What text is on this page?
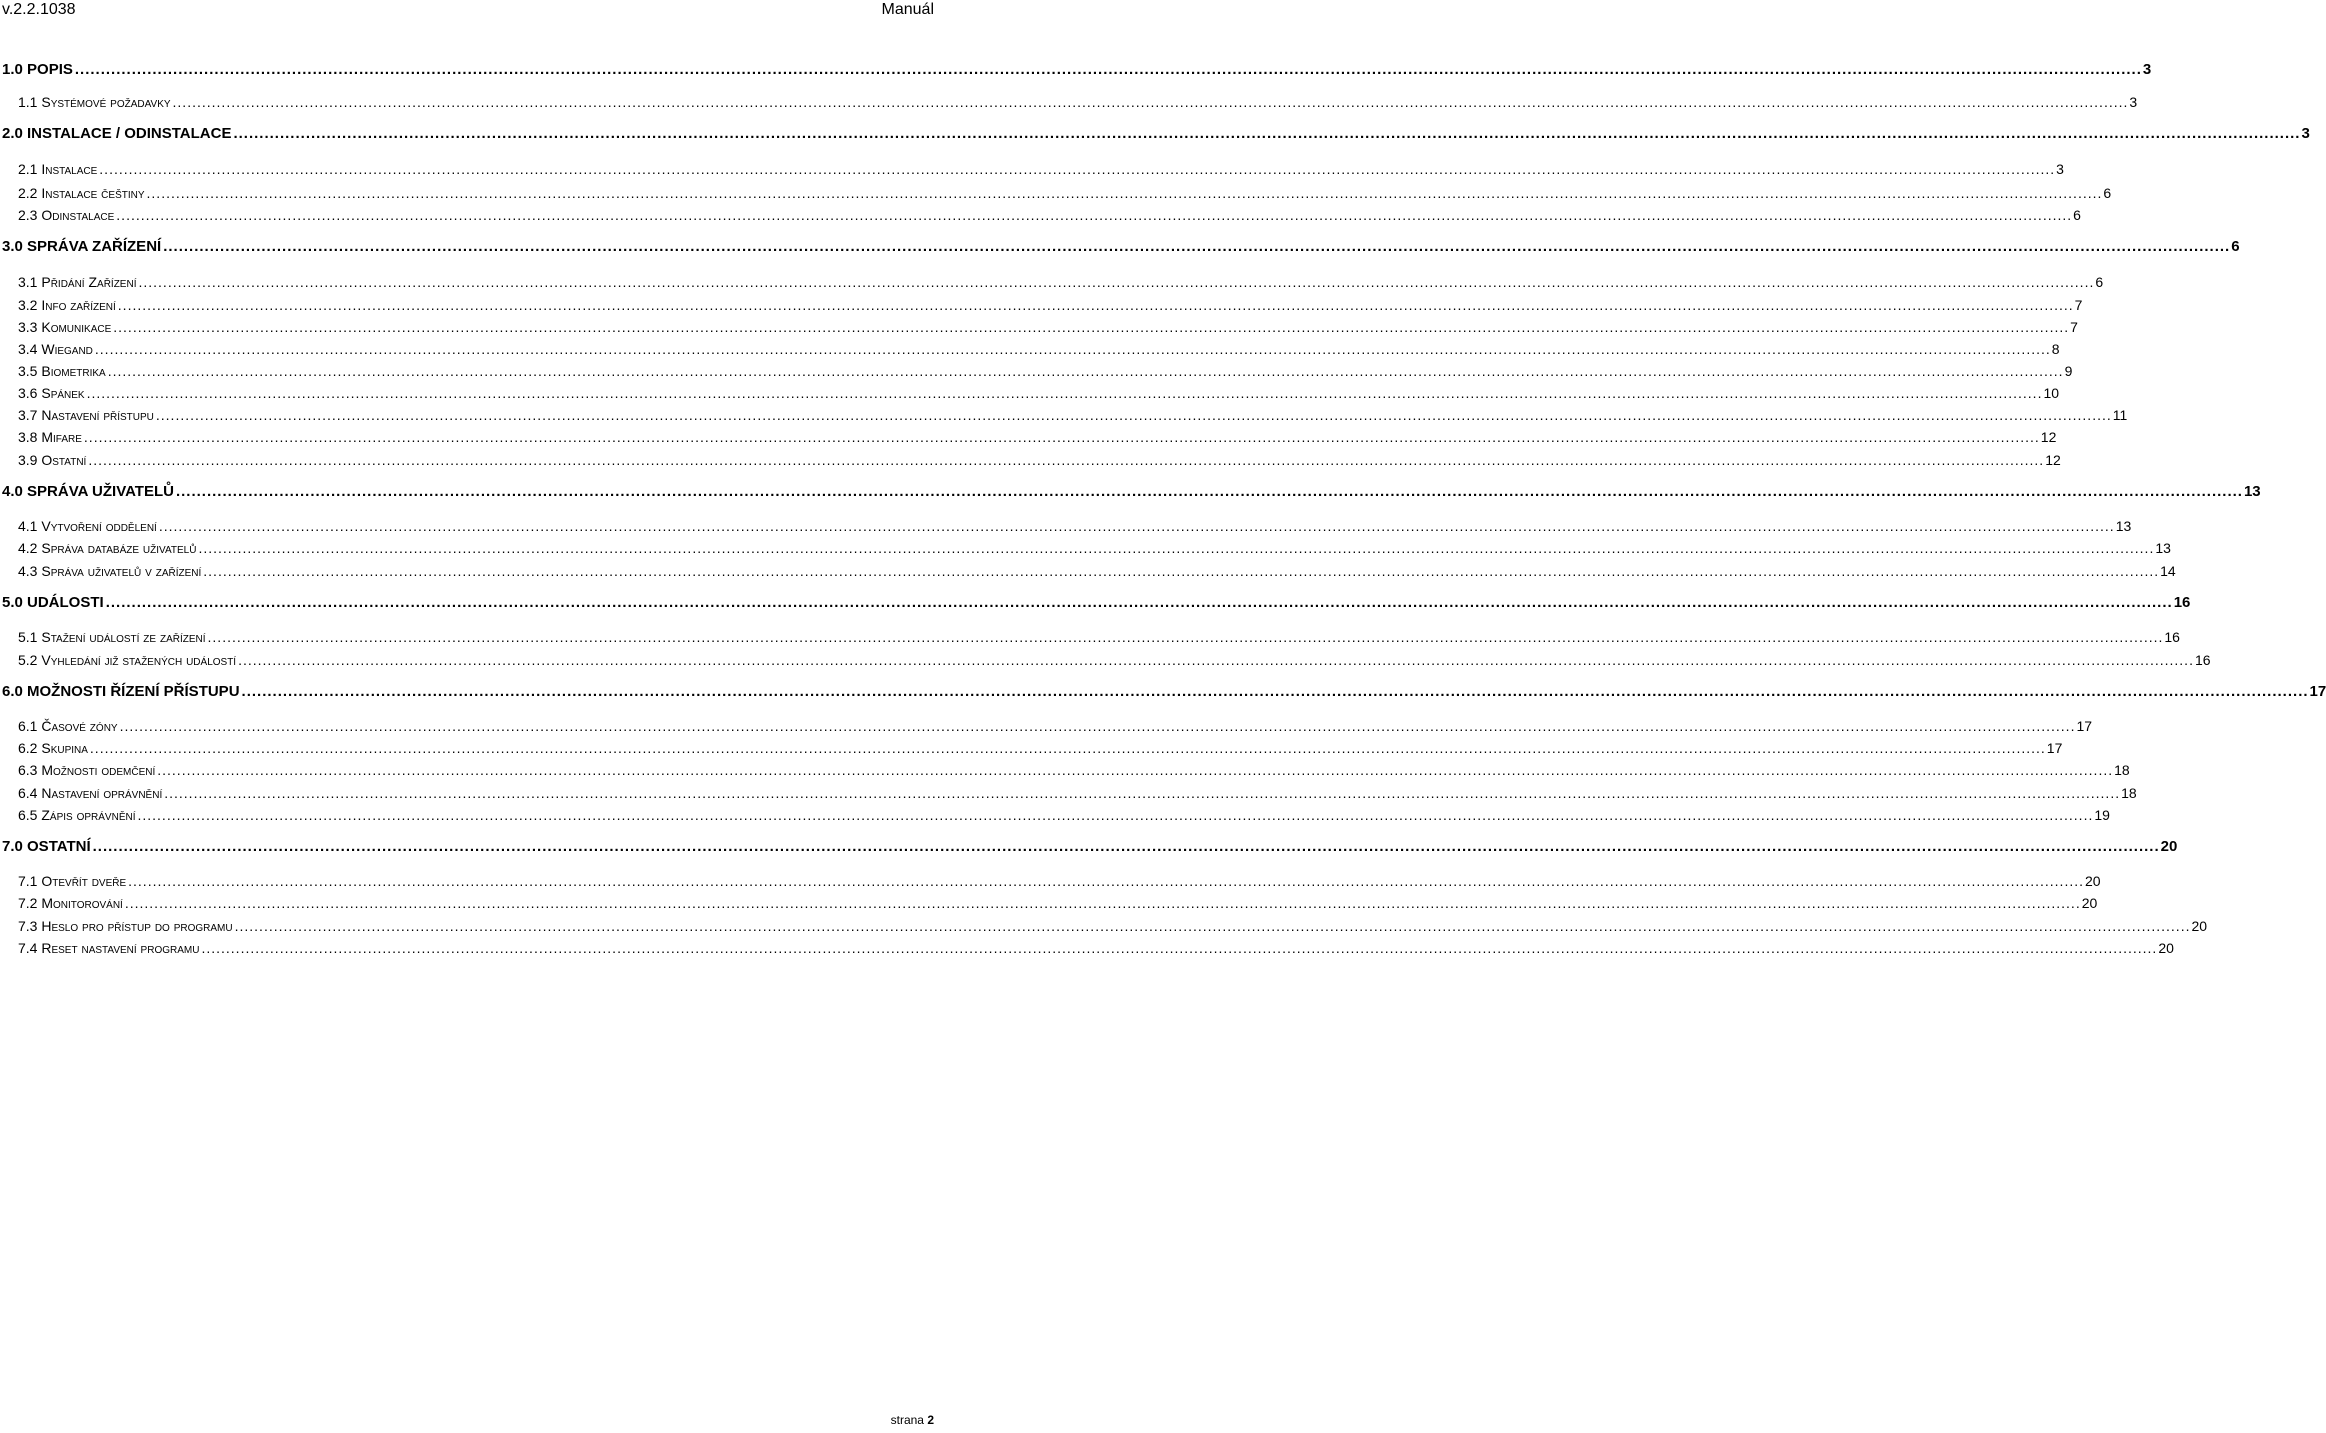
v.2.2.1038	Manuál
1.0 POPIS ................................................................................................................................................................................................................................................................................................................................................................................................................ 3
1.1 Systémové požadavky ................................................................................................................................................................................................................................................................................................................................................................................................................ 3
2.0 INSTALACE / ODINSTALACE ................................................................................................................................................................................................................................................................................................................................................................................................................ 3
2.1 Instalace ................................................................................................................................................................................................................................................................................................................................................................................................................ 3
2.2 Instalace češtiny ................................................................................................................................................................................................................................................................................................................................................................................................................ 6
2.3 Odinstalace ................................................................................................................................................................................................................................................................................................................................................................................................................ 6
3.0 SPRÁVA ZAŘÍZENÍ ................................................................................................................................................................................................................................................................................................................................................................................................................ 6
3.1 Přidání Zařízení ................................................................................................................................................................................................................................................................................................................................................................................................................ 6
3.2 Info zařízení ................................................................................................................................................................................................................................................................................................................................................................................................................ 7
3.3 Komunikace ................................................................................................................................................................................................................................................................................................................................................................................................................ 7
3.4 Wiegand ................................................................................................................................................................................................................................................................................................................................................................................................................ 8
3.5 Biometrika ................................................................................................................................................................................................................................................................................................................................................................................................................ 9
3.6 Spánek ................................................................................................................................................................................................................................................................................................................................................................................................................ 10
3.7 Nastavení přístupu ................................................................................................................................................................................................................................................................................................................................................................................................................ 11
3.8 Mifare ................................................................................................................................................................................................................................................................................................................................................................................................................ 12
3.9 Ostatní ................................................................................................................................................................................................................................................................................................................................................................................................................ 12
4.0 SPRÁVA UŽIVATELŮ ................................................................................................................................................................................................................................................................................................................................................................................................................ 13
4.1 Vytvoření oddělení ................................................................................................................................................................................................................................................................................................................................................................................................................ 13
4.2 Správa databáze uživatelů ................................................................................................................................................................................................................................................................................................................................................................................................................ 13
4.3 Správa uživatelů v zařízení ................................................................................................................................................................................................................................................................................................................................................................................................................ 14
5.0 UDÁLOSTI ................................................................................................................................................................................................................................................................................................................................................................................................................ 16
5.1 Stažení událostí ze zařízení ................................................................................................................................................................................................................................................................................................................................................................................................................ 16
5.2 Vyhledání již stažených událostí ................................................................................................................................................................................................................................................................................................................................................................................................................ 16
6.0 MOŽNOSTI ŘÍZENÍ PŘÍSTUPU ................................................................................................................................................................................................................................................................................................................................................................................................................ 17
6.1 Časové zóny ................................................................................................................................................................................................................................................................................................................................................................................................................ 17
6.2 Skupina ................................................................................................................................................................................................................................................................................................................................................................................................................ 17
6.3 Možnosti odemčení ................................................................................................................................................................................................................................................................................................................................................................................................................ 18
6.4 Nastavení oprávnění ................................................................................................................................................................................................................................................................................................................................................................................................................ 18
6.5 Zápis oprávnění ................................................................................................................................................................................................................................................................................................................................................................................................................ 19
7.0 OSTATNÍ ................................................................................................................................................................................................................................................................................................................................................................................................................ 20
7.1 Otevřít dveře ................................................................................................................................................................................................................................................................................................................................................................................................................ 20
7.2 Monitorování ................................................................................................................................................................................................................................................................................................................................................................................................................ 20
7.3 Heslo pro přístup do programu ................................................................................................................................................................................................................................................................................................................................................................................................................ 20
7.4 Reset nastavení programu ................................................................................................................................................................................................................................................................................................................................................................................................................ 20
strana 2
